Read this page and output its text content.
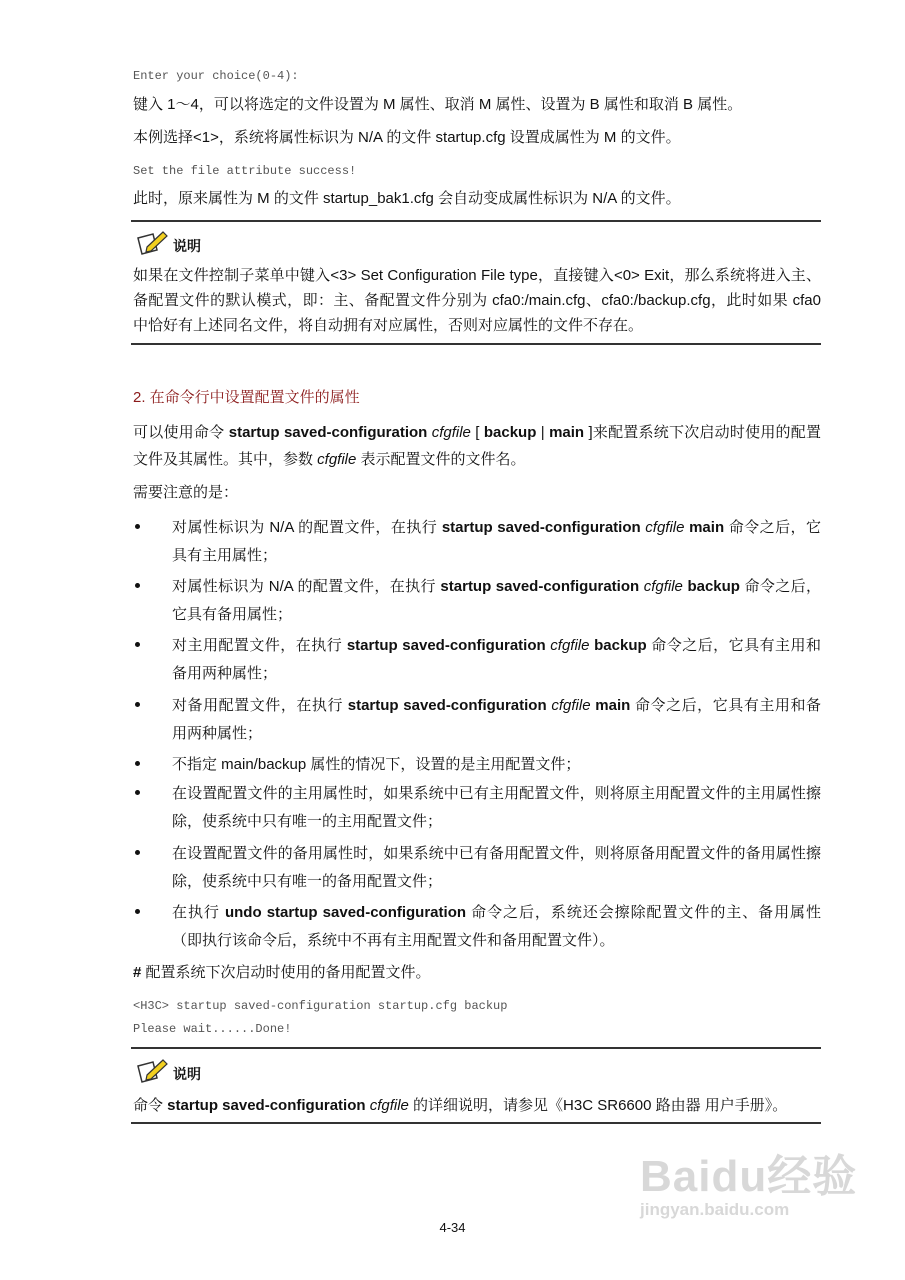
Enter your choice(0-4):
键入 1～4，可以将选定的文件设置为 M 属性、取消 M 属性、设置为 B 属性和取消 B 属性。
本例选择<1>，系统将属性标识为 N/A 的文件 startup.cfg 设置成属性为 M 的文件。
Set the file attribute success!
此时，原来属性为 M 的文件 startup_bak1.cfg 会自动变成属性标识为 N/A 的文件。
说明
如果在文件控制子菜单中键入<3> Set Configuration File type，直接键入<0> Exit，那么系统将进入主、备配置文件的默认模式，即：主、备配置文件分别为 cfa0:/main.cfg、cfa0:/backup.cfg，此时如果 cfa0 中恰好有上述同名文件，将自动拥有对应属性，否则对应属性的文件不存在。
2. 在命令行中设置配置文件的属性
可以使用命令 startup saved-configuration cfgfile [ backup | main ]来配置系统下次启动时使用的配置文件及其属性。其中，参数 cfgfile 表示配置文件的文件名。
需要注意的是：
对属性标识为 N/A 的配置文件，在执行 startup saved-configuration cfgfile main 命令之后，它具有主用属性；
对属性标识为 N/A 的配置文件，在执行 startup saved-configuration cfgfile backup 命令之后，它具有备用属性；
对主用配置文件，在执行 startup saved-configuration cfgfile backup 命令之后，它具有主用和备用两种属性；
对备用配置文件，在执行 startup saved-configuration cfgfile main 命令之后，它具有主用和备用两种属性；
不指定 main/backup 属性的情况下，设置的是主用配置文件；
在设置配置文件的主用属性时，如果系统中已有主用配置文件，则将原主用配置文件的主用属性擦除，使系统中只有唯一的主用配置文件；
在设置配置文件的备用属性时，如果系统中已有备用配置文件，则将原备用配置文件的备用属性擦除，使系统中只有唯一的备用配置文件；
在执行 undo startup saved-configuration 命令之后，系统还会擦除配置文件的主、备用属性（即执行该命令后，系统中不再有主用配置文件和备用配置文件）。
# 配置系统下次启动时使用的备用配置文件。
<H3C> startup saved-configuration startup.cfg backup
Please wait......Done!
说明
命令 startup saved-configuration cfgfile 的详细说明，请参见《H3C SR6600 路由器 用户手册》。
4-34
Baidu经验
jingyan.baidu.com
